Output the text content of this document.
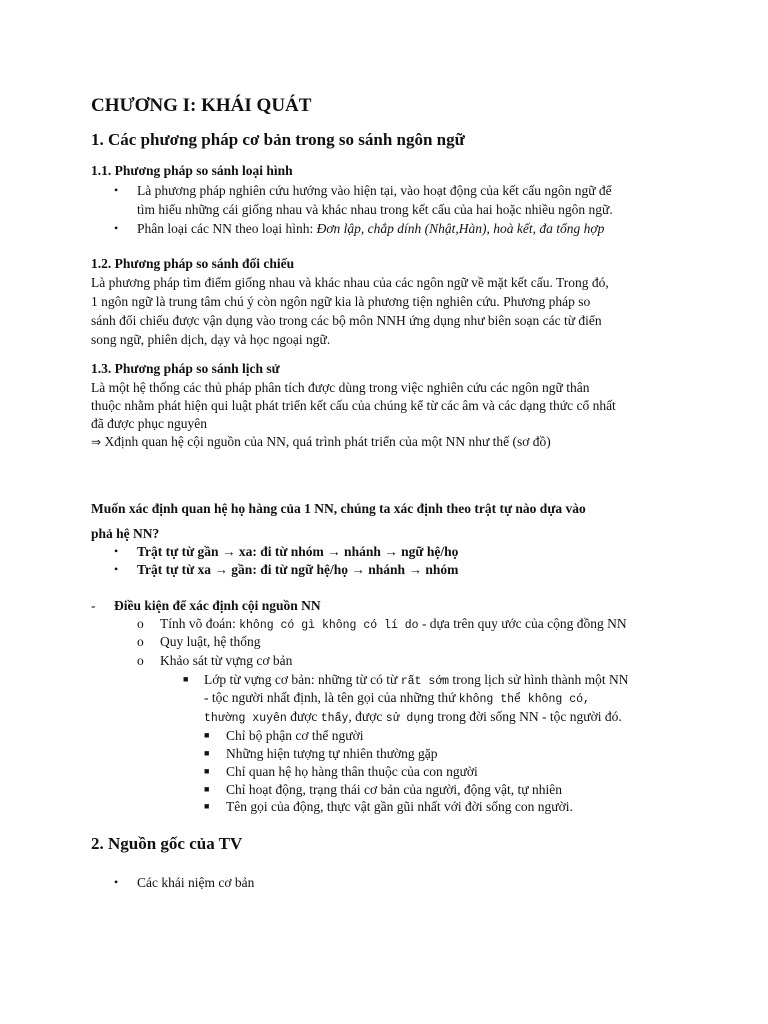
CHƯƠNG I: KHÁI QUÁT
1. Các phương pháp cơ bản trong so sánh ngôn ngữ
1.1. Phương pháp so sánh loại hình
• Là phương pháp nghiên cứu hướng vào hiện tại, vào hoạt động của kết cấu ngôn ngữ để
tìm hiểu những cái giống nhau và khác nhau trong kết cấu của hai hoặc nhiều ngôn ngữ.
• Phân loại các NN theo loại hình: Đơn lập, chắp dính (Nhật,Hàn), hoà kết, đa tổng hợp
1.2. Phương pháp so sánh đối chiếu
Là phương pháp tìm điểm giống nhau và khác nhau của các ngôn ngữ về mặt kết cấu. Trong đó,
1 ngôn ngữ là trung tâm chú ý còn ngôn ngữ kia là phương tiện nghiên cứu. Phương pháp so
sánh đối chiếu được vận dụng vào trong các bộ môn NNH ứng dụng như biên soạn các từ điển
song ngữ, phiên dịch, dạy và học ngoại ngữ.
1.3. Phương pháp so sánh lịch sử
Là một hệ thống các thủ pháp phân tích được dùng trong việc nghiên cứu các ngôn ngữ thân
thuộc nhằm phát hiện qui luật phát triển kết cấu của chúng kể từ các âm và các dạng thức cổ nhất
đã được phục nguyên
⇒ Xđịnh quan hệ cội nguồn của NN, quá trình phát triển của một NN như thế (sơ đồ)
Muốn xác định quan hệ họ hàng của 1 NN, chúng ta xác định theo trật tự nào dựa vào
phả hệ NN?
• Trật tự từ gần → xa: đi từ nhóm → nhánh → ngữ hệ/họ
• Trật tự từ xa → gần: đi từ ngữ hệ/họ → nhánh → nhóm
- Điều kiện để xác định cội nguồn NN
o Tính võ đoán: không có gì không có lí do - dựa trên quy ước của cộng đồng NN
o Quy luật, hệ thống
o Khảo sát từ vựng cơ bản
■ Lớp từ vựng cơ bản: những từ có từ rất sớm trong lịch sử hình thành một NN
- tộc người nhất định, là tên gọi của những thứ không thể không có,
thường xuyên được thấy, được sử dụng trong đời sống NN - tộc người đó.
■ Chỉ bộ phận cơ thể người
■ Những hiện tượng tự nhiên thường gặp
■ Chỉ quan hệ họ hàng thân thuộc của con người
■ Chỉ hoạt động, trạng thái cơ bản của người, động vật, tự nhiên
■ Tên gọi của động, thực vật gần gũi nhất với đời sống con người.
2. Nguồn gốc của TV
• Các khái niệm cơ bản
